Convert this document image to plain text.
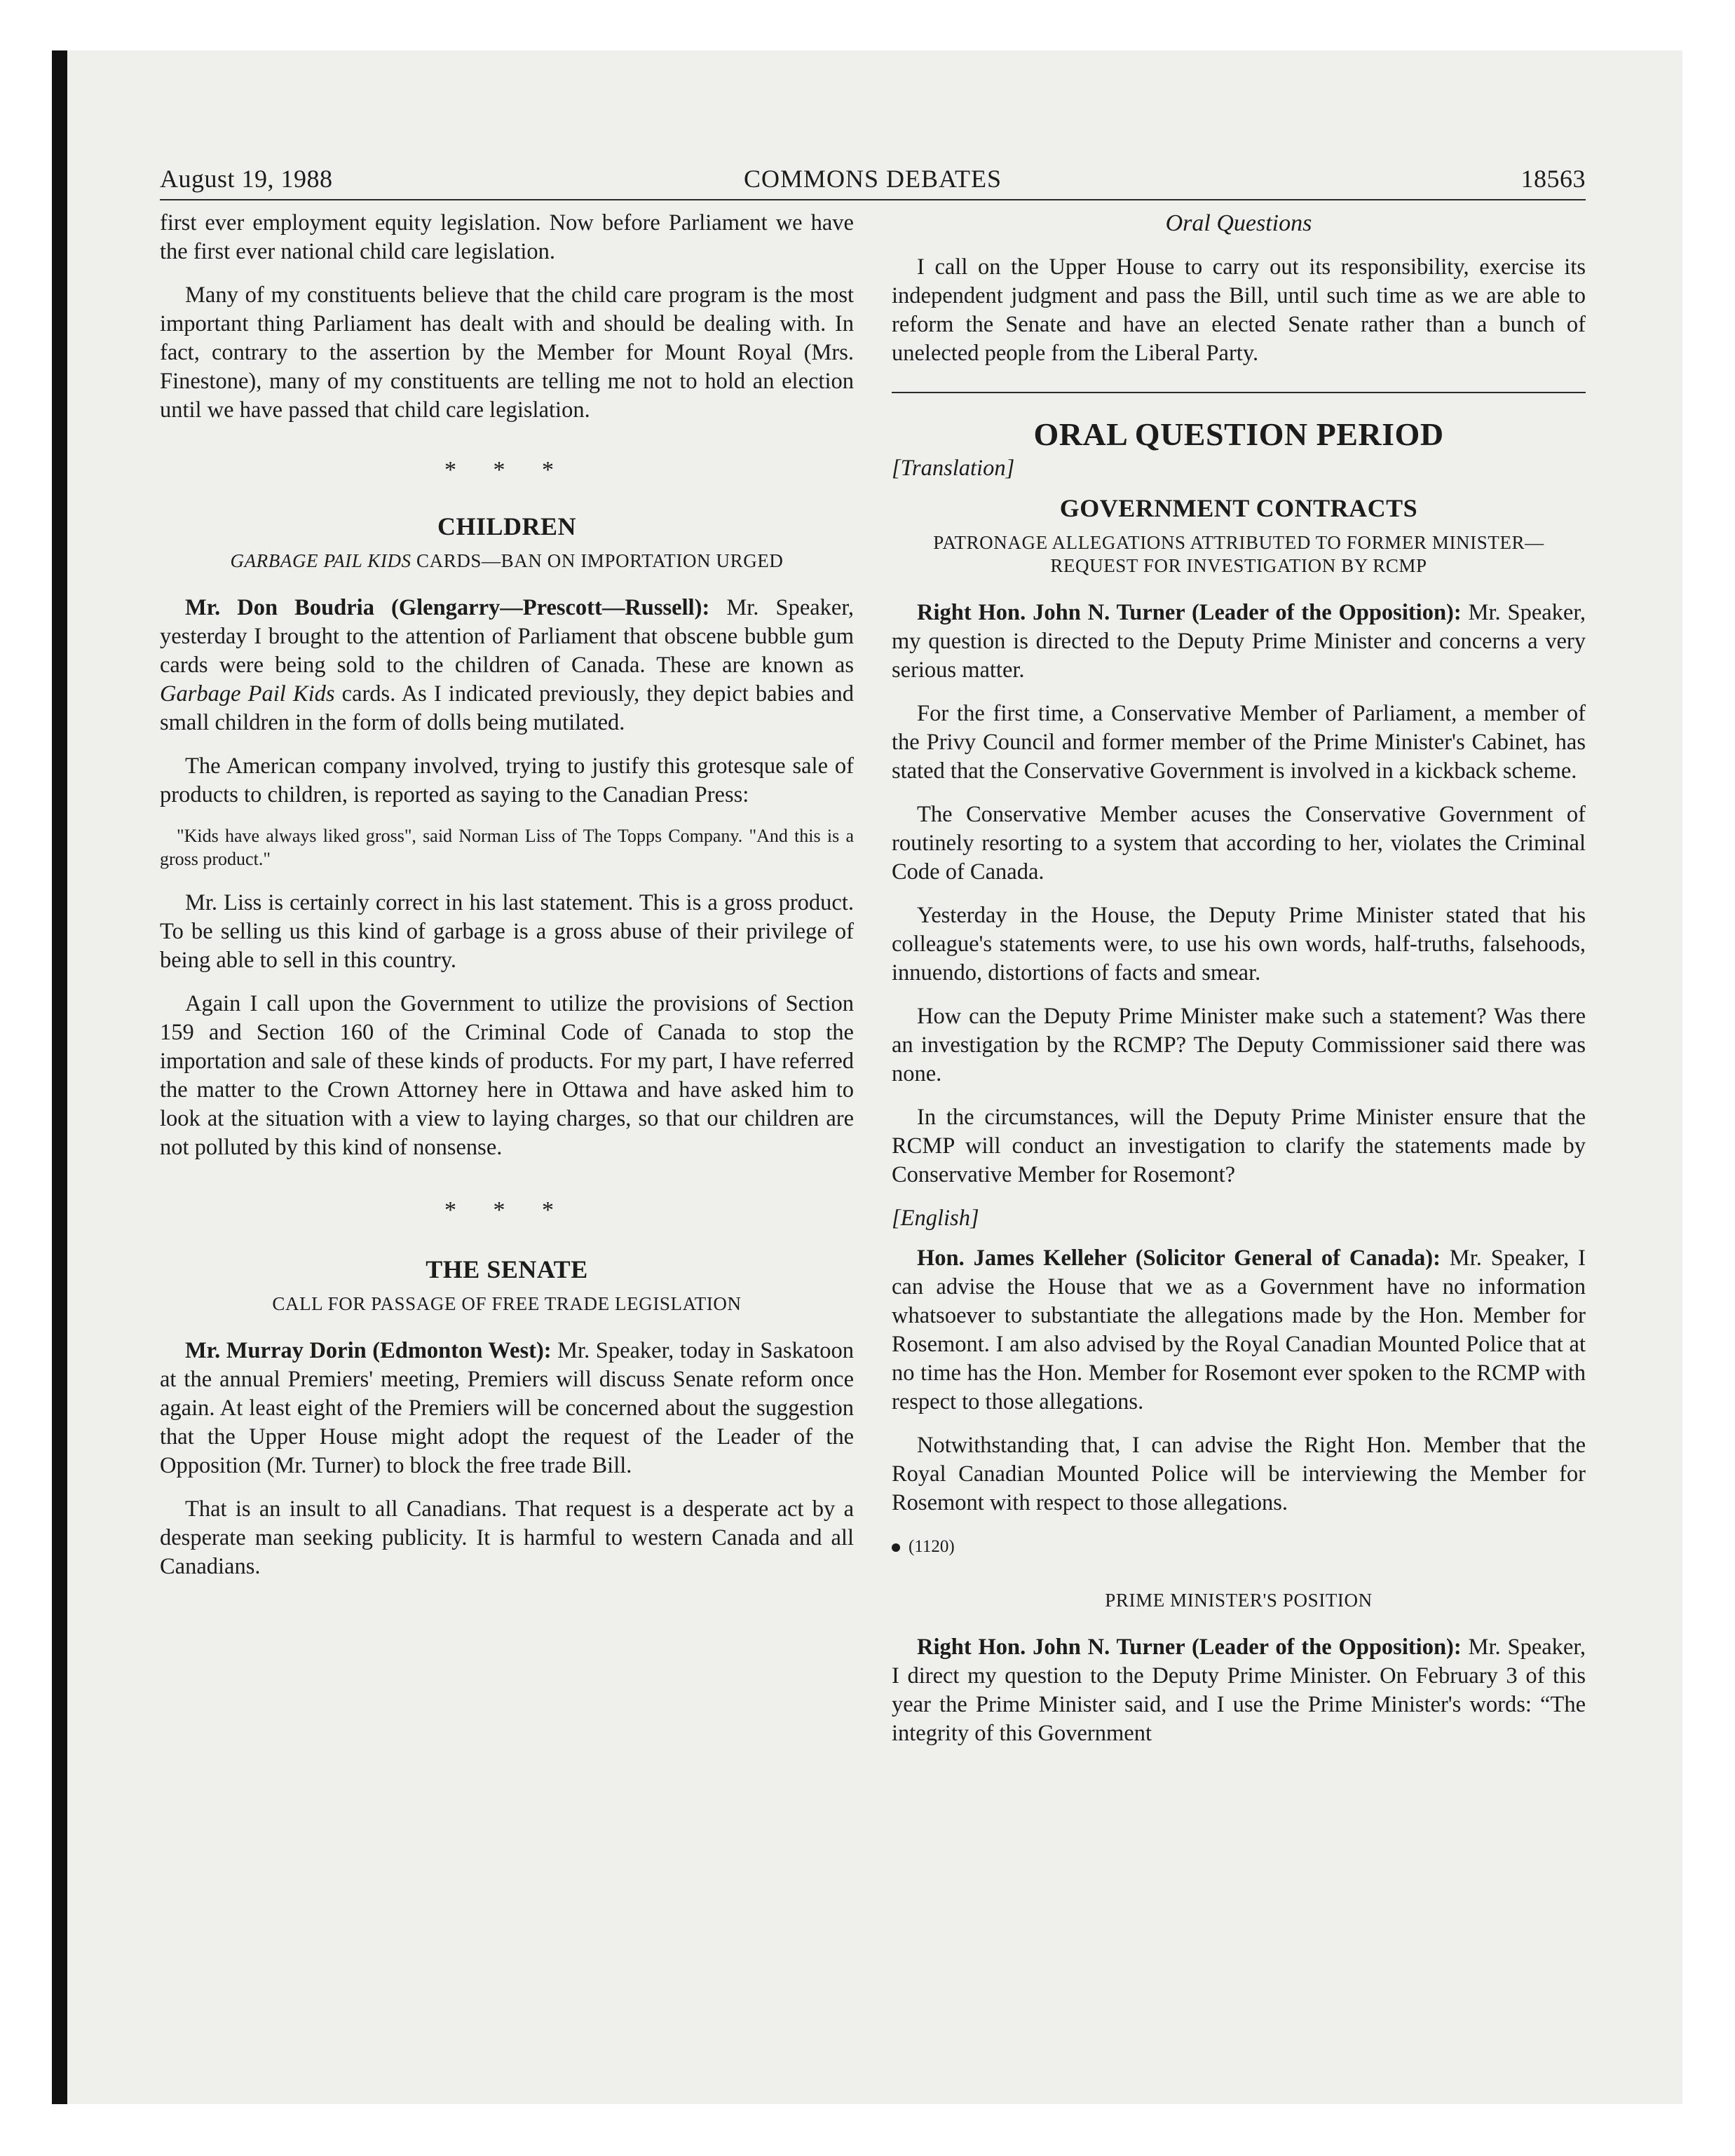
August 19, 1988	COMMONS DEBATES	18563

first ever employment equity legislation. Now before Parliament we have the first ever national child care legislation.

Many of my constituents believe that the child care program is the most important thing Parliament has dealt with and should be dealing with. In fact, contrary to the assertion by the Member for Mount Royal (Mrs. Finestone), many of my constituents are telling me not to hold an election until we have passed that child care legislation.

* * *
CHILDREN
GARBAGE PAIL KIDS CARDS—BAN ON IMPORTATION URGED

Mr. Don Boudria (Glengarry—Prescott—Russell): Mr. Speaker, yesterday I brought to the attention of Parliament that obscene bubble gum cards were being sold to the children of Canada. These are known as Garbage Pail Kids cards. As I indicated previously, they depict babies and small children in the form of dolls being mutilated.

The American company involved, trying to justify this grotesque sale of products to children, is reported as saying to the Canadian Press:

"Kids have always liked gross", said Norman Liss of The Topps Company. "And this is a gross product."

Mr. Liss is certainly correct in his last statement. This is a gross product. To be selling us this kind of garbage is a gross abuse of their privilege of being able to sell in this country.

Again I call upon the Government to utilize the provisions of Section 159 and Section 160 of the Criminal Code of Canada to stop the importation and sale of these kinds of products. For my part, I have referred the matter to the Crown Attorney here in Ottawa and have asked him to look at the situation with a view to laying charges, so that our children are not polluted by this kind of nonsense.

* * *
THE SENATE
CALL FOR PASSAGE OF FREE TRADE LEGISLATION

Mr. Murray Dorin (Edmonton West): Mr. Speaker, today in Saskatoon at the annual Premiers' meeting, Premiers will discuss Senate reform once again. At least eight of the Premiers will be concerned about the suggestion that the Upper House might adopt the request of the Leader of the Opposition (Mr. Turner) to block the free trade Bill.

That is an insult to all Canadians. That request is a desperate act by a desperate man seeking publicity. It is harmful to western Canada and all Canadians.

Oral Questions

I call on the Upper House to carry out its responsibility, exercise its independent judgment and pass the Bill, until such time as we are able to reform the Senate and have an elected Senate rather than a bunch of unelected people from the Liberal Party.

ORAL QUESTION PERIOD
[Translation]
GOVERNMENT CONTRACTS
PATRONAGE ALLEGATIONS ATTRIBUTED TO FORMER MINISTER—REQUEST FOR INVESTIGATION BY RCMP

Right Hon. John N. Turner (Leader of the Opposition): Mr. Speaker, my question is directed to the Deputy Prime Minister and concerns a very serious matter.

For the first time, a Conservative Member of Parliament, a member of the Privy Council and former member of the Prime Minister's Cabinet, has stated that the Conservative Government is involved in a kickback scheme.

The Conservative Member acuses the Conservative Government of routinely resorting to a system that according to her, violates the Criminal Code of Canada.

Yesterday in the House, the Deputy Prime Minister stated that his colleague's statements were, to use his own words, half-truths, falsehoods, innuendo, distortions of facts and smear.

How can the Deputy Prime Minister make such a statement? Was there an investigation by the RCMP? The Deputy Commissioner said there was none.

In the circumstances, will the Deputy Prime Minister ensure that the RCMP will conduct an investigation to clarify the statements made by Conservative Member for Rosemont?

[English]

Hon. James Kelleher (Solicitor General of Canada): Mr. Speaker, I can advise the House that we as a Government have no information whatsoever to substantiate the allegations made by the Hon. Member for Rosemont. I am also advised by the Royal Canadian Mounted Police that at no time has the Hon. Member for Rosemont ever spoken to the RCMP with respect to those allegations.

Notwithstanding that, I can advise the Right Hon. Member that the Royal Canadian Mounted Police will be interviewing the Member for Rosemont with respect to those allegations.

(1120)
PRIME MINISTER'S POSITION

Right Hon. John N. Turner (Leader of the Opposition): Mr. Speaker, I direct my question to the Deputy Prime Minister. On February 3 of this year the Prime Minister said, and I use the Prime Minister's words: “The integrity of this Government
